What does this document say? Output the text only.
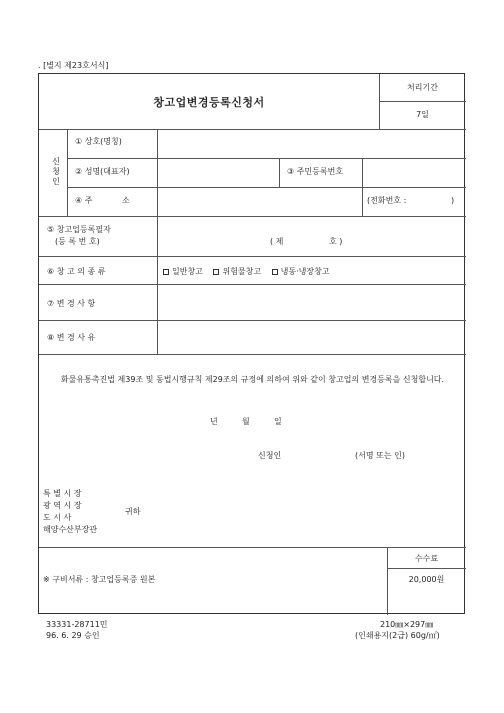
. [별지 제23호서식]
창고업변경등록신청서
처리기간
7일
신
청
인
① 상호(명칭)
② 성명(대표자)	③ 주민등록번호
④ 주	소	(전화번호 :	)
⑤ 창고업등록필자
(등 록 번 호)	( 제	호 )
⑥ 창 고 의 종 류	일반창고 위험물창고 냉동·냉장창고
⑦ 변 경 사 항
⑧ 변 경 사 유
화물유통촉진법 제39조 및 동법시행규칙 제29조의 규정에 의하여 위와 같이 창고업의 변경등록을 신청합니다.
년	월	일
신청인	(서명 또는 인)
특 별 시 장
광 역 시 장
도 시 사
해양수산부장관
귀하
수수료
※ 구비서류 : 창고업등록증 원본	20,000원
33331-28711민
96. 6. 29 승인
210㎜×297㎜
(인쇄용지(2급) 60g/㎡)
